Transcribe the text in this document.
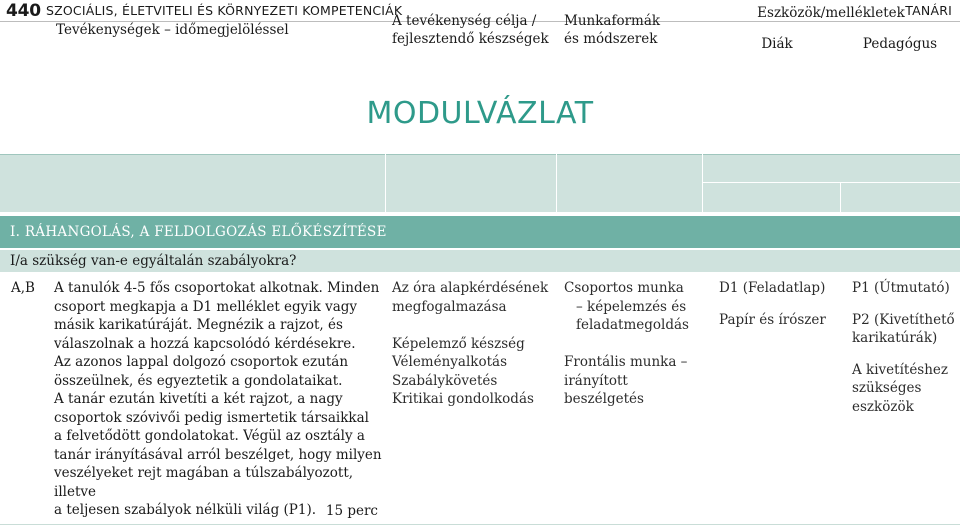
440 SZOCIÁLIS, ÉLETVITELI ÉS KÖRNYEZETI KOMPETENCIÁK	TANÁRI
MODULVÁZLAT
Tevékenységek – időmegjelöléssel
A tevékenység célja /
fejlesztendő készségek
Munkaformák
és módszerek
Eszközök/mellékletek
Diák	Pedagógus
I. RÁHANGOLÁS, A FELDOLGOZÁS ELŐKÉSZÍTÉSE
I/a szükség van-e egyáltalán szabályokra?
A,B A tanulók 4-5 fős csoportokat alkotnak. Minden
csoport megkapja a D1 melléklet egyik vagy
másik karikatúráját. Megnézik a rajzot, és
válaszolnak a hozzá kapcsolódó kérdésekre.
Az azonos lappal dolgozó csoportok ezután
összeülnek, és egyeztetik a gondolataikat.
A tanár ezután kivetíti a két rajzot, a nagy
csoportok szóvivői pedig ismertetik társaikkal
a felvetődött gondolatokat. Végül az osztály a
tanár irányításával arról beszélget, hogy milyen
veszélyeket rejt magában a túlszabályozott, illetve
a teljesen szabályok nélküli világ (P1). 15 perc
Az óra alapkérdésének
megfogalmazása
Képelemző készség
Véleményalkotás
Szabálykövetés
Kritikai gondolkodás
Csoportos munka
– képelemzés és
feladatmegoldás
Frontális munka –
irányított beszélgetés
D1 (Feladatlap)
Papír és írószer
P1 (Útmutató)
P2 (Kivetíthető
karikatúrák)
A kivetítéshez
szükséges
eszközök
